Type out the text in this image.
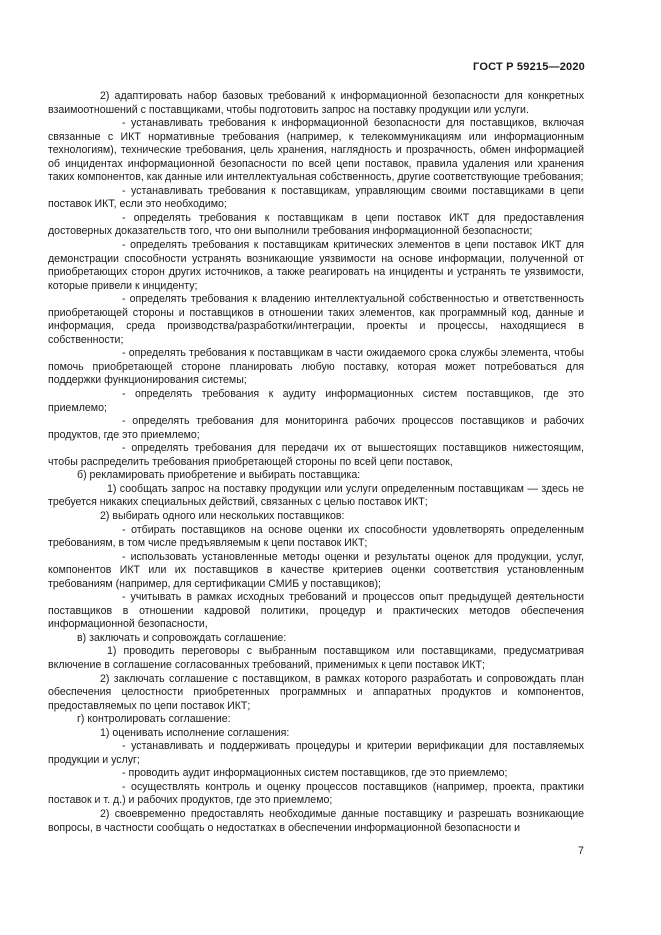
ГОСТ Р 59215—2020

2) адаптировать набор базовых требований к информационной безопасности для конкретных взаимоотношений с поставщиками, чтобы подготовить запрос на поставку продукции или услуги.

- устанавливать требования к информационной безопасности для поставщиков, включая связанные с ИКТ нормативные требования (например, к телекоммуникациям или информационным технологиям), технические требования, цель хранения, наглядность и прозрачность, обмен информацией об инцидентах информационной безопасности по всей цепи поставок, правила удаления или хранения таких компонентов, как данные или интеллектуальная собственность, другие соответствующие требования;

- устанавливать требования к поставщикам, управляющим своими поставщиками в цепи поставок ИКТ, если это необходимо;

- определять требования к поставщикам в цепи поставок ИКТ для предоставления достоверных доказательств того, что они выполнили требования информационной безопасности;

- определять требования к поставщикам критических элементов в цепи поставок ИКТ для демонстрации способности устранять возникающие уязвимости на основе информации, полученной от приобретающих сторон других источников, а также реагировать на инциденты и устранять те уязвимости, которые привели к инциденту;

- определять требования к владению интеллектуальной собственностью и ответственность приобретающей стороны и поставщиков в отношении таких элементов, как программный код, данные и информация, среда производства/разработки/интеграции, проекты и процессы, находящиеся в собственности;

- определять требования к поставщикам в части ожидаемого срока службы элемента, чтобы помочь приобретающей стороне планировать любую поставку, которая может потребоваться для поддержки функционирования системы;

- определять требования к аудиту информационных систем поставщиков, где это приемлемо;

- определять требования для мониторинга рабочих процессов поставщиков и рабочих продуктов, где это приемлемо;

- определять требования для передачи их от вышестоящих поставщиков нижестоящим, чтобы распределить требования приобретающей стороны по всей цепи поставок,

б) рекламировать приобретение и выбирать поставщика:

1) сообщать запрос на поставку продукции или услуги определенным поставщикам — здесь не требуется никаких специальных действий, связанных с целью поставок ИКТ;

2) выбирать одного или нескольких поставщиков:

- отбирать поставщиков на основе оценки их способности удовлетворять определенным требованиям, в том числе предъявляемым к цепи поставок ИКТ;

- использовать установленные методы оценки и результаты оценок для продукции, услуг, компонентов ИКТ или их поставщиков в качестве критериев оценки соответствия установленным требованиям (например, для сертификации СМИБ у поставщиков);

- учитывать в рамках исходных требований и процессов опыт предыдущей деятельности поставщиков в отношении кадровой политики, процедур и практических методов обеспечения информационной безопасности,

в) заключать и сопровождать соглашение:

1) проводить переговоры с выбранным поставщиком или поставщиками, предусматривая включение в соглашение согласованных требований, применимых к цепи поставок ИКТ;

2) заключать соглашение с поставщиком, в рамках которого разработать и сопровождать план обеспечения целостности приобретенных программных и аппаратных продуктов и компонентов, предоставляемых по цепи поставок ИКТ;

г) контролировать соглашение:

1) оценивать исполнение соглашения:

- устанавливать и поддерживать процедуры и критерии верификации для поставляемых продукции и услуг;

- проводить аудит информационных систем поставщиков, где это приемлемо;

- осуществлять контроль и оценку процессов поставщиков (например, проекта, практики поставок и т. д.) и рабочих продуктов, где это приемлемо;

2) своевременно предоставлять необходимые данные поставщику и разрешать возникающие вопросы, в частности сообщать о недостатках в обеспечении информационной безопасности и

7
